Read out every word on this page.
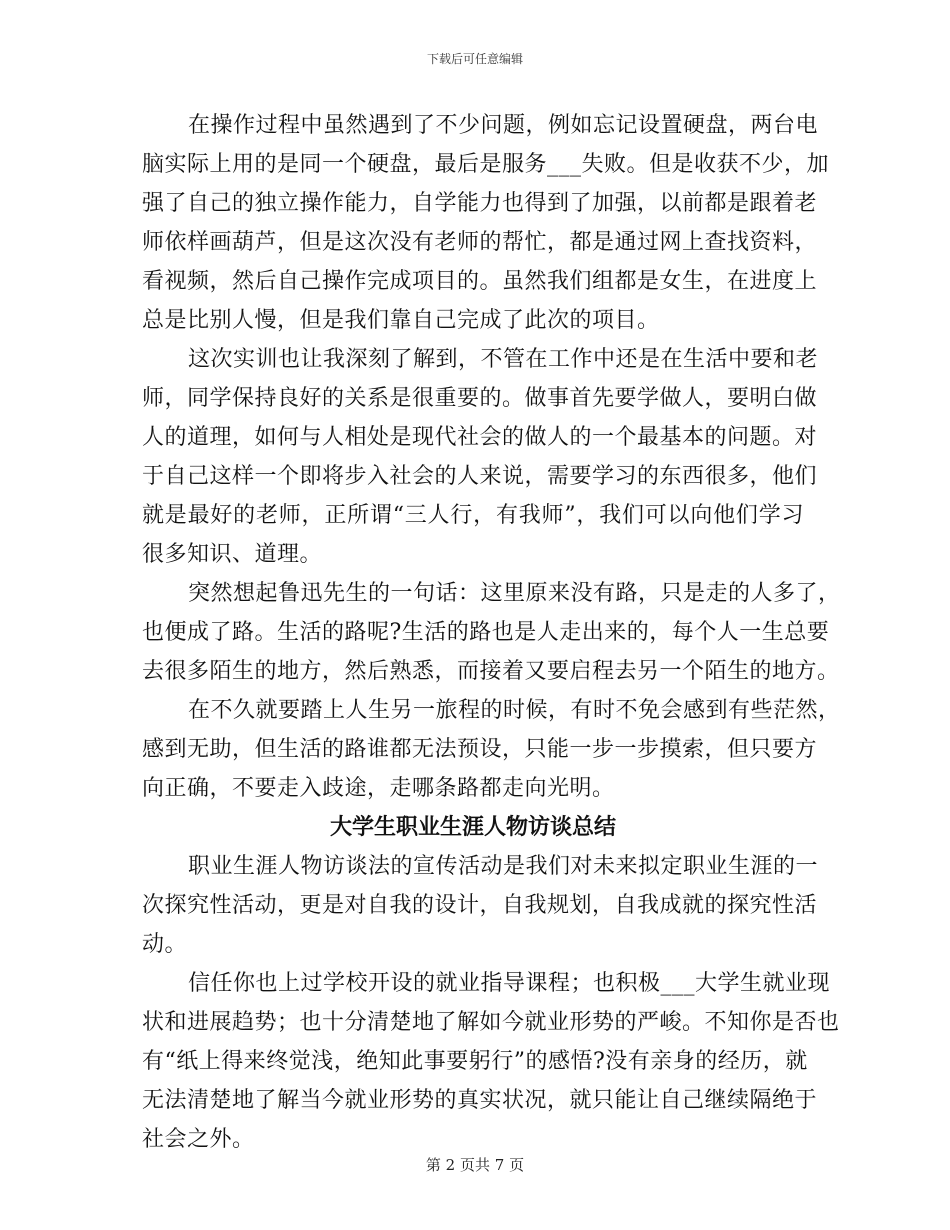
下载后可任意编辑
在操作过程中虽然遇到了不少问题，例如忘记设置硬盘，两台电
脑实际上用的是同一个硬盘，最后是服务___失败。但是收获不少，加
强了自己的独立操作能力，自学能力也得到了加强，以前都是跟着老
师依样画葫芦，但是这次没有老师的帮忙，都是通过网上查找资料，
看视频，然后自己操作完成项目的。虽然我们组都是女生，在进度上
总是比别人慢，但是我们靠自己完成了此次的项目。
这次实训也让我深刻了解到，不管在工作中还是在生活中要和老
师，同学保持良好的关系是很重要的。做事首先要学做人，要明白做
人的道理，如何与人相处是现代社会的做人的一个最基本的问题。对
于自己这样一个即将步入社会的人来说，需要学习的东西很多，他们
就是最好的老师，正所谓“三人行，有我师”，我们可以向他们学习
很多知识、道理。
突然想起鲁迅先生的一句话：这里原来没有路，只是走的人多了，
也便成了路。生活的路呢?生活的路也是人走出来的，每个人一生总要
去很多陌生的地方，然后熟悉，而接着又要启程去另一个陌生的地方。
在不久就要踏上人生另一旅程的时候，有时不免会感到有些茫然，
感到无助，但生活的路谁都无法预设，只能一步一步摸索，但只要方
向正确，不要走入歧途，走哪条路都走向光明。
大学生职业生涯人物访谈总结
职业生涯人物访谈法的宣传活动是我们对未来拟定职业生涯的一
次探究性活动，更是对自我的设计，自我规划，自我成就的探究性活
动。
信任你也上过学校开设的就业指导课程；也积极___大学生就业现
状和进展趋势；也十分清楚地了解如今就业形势的严峻。不知你是否也
有“纸上得来终觉浅，绝知此事要躬行”的感悟?没有亲身的经历，就
无法清楚地了解当今就业形势的真实状况，就只能让自己继续隔绝于
社会之外。
第 2 页共 7 页
